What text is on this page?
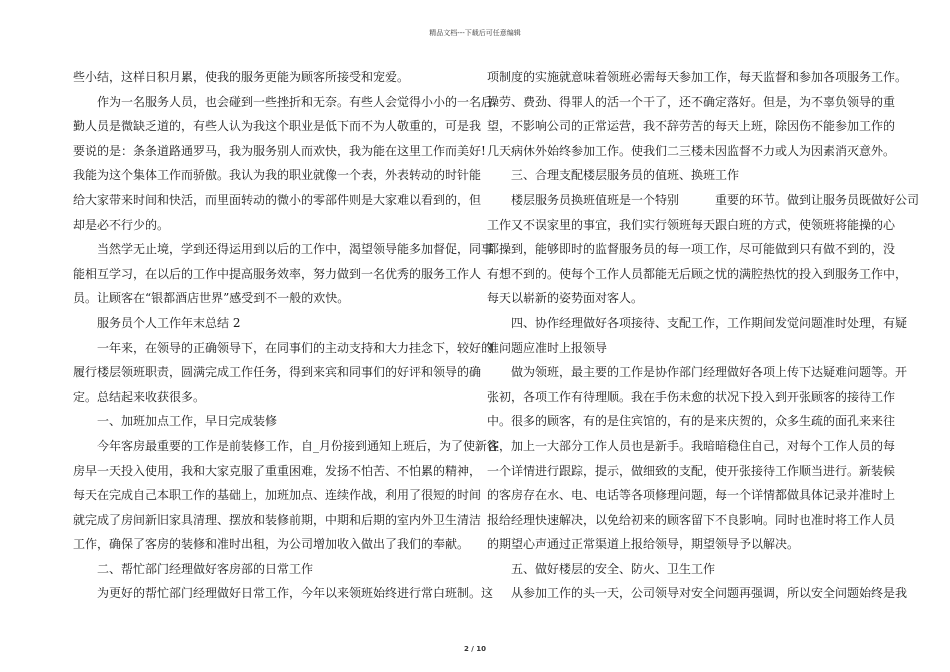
精品文档---下载后可任意编辑
些小结，这样日积月累，使我的服务更能为顾客所接受和宠爱。
　　作为一名服务人员，也会碰到一些挫折和无奈。有些人会觉得小小的一名后
勤人员是微缺乏道的，有些人认为我这个职业是低下而不为人敬重的，可是我
要说的是：条条道路通罗马，我为服务别人而欢快，我为能在这里工作而美好!
我能为这个集体工作而骄傲。我认为我的职业就像一个表，外表转动的时针能
给大家带来时间和快活，而里面转动的微小的零部件则是大家难以看到的，但
却是必不行少的。
　　当然学无止境，学到还得运用到以后的工作中，渴望领导能多加督促，同事
能相互学习，在以后的工作中提高服务效率，努力做到一名优秀的服务工作人
员。让顾客在“银都酒店世界”感受到不一般的欢快。
　　服务员个人工作年末总结 2
　　一年来，在领导的正确领导下，在同事们的主动支持和大力挂念下，较好的
履行楼层领班职责，圆满完成工作任务，得到来宾和同事们的好评和领导的确
定。总结起来收获很多。
　　一、加班加点工作，早日完成装修
　　今年客房最重要的工作是前装修工作，自_月份接到通知上班后，为了使新客
房早一天投入使用，我和大家克服了重重困难，发扬不怕苦、不怕累的精神，
每天在完成自己本职工作的基础上，加班加点、连续作战，利用了很短的时间
就完成了房间新旧家具清理、摆放和装修前期，中期和后期的室内外卫生清洁
工作，确保了客房的装修和准时出租，为公司增加收入做出了我们的奉献。
　　二、帮忙部门经理做好客房部的日常工作
　　为更好的帮忙部门经理做好日常工作，今年以来领班始终进行常白班制。这
项制度的实施就意味着领班必需每天参加工作，每天监督和参加各项服务工作。
操劳、费劲、得罪人的活一个干了，还不确定落好。但是，为不辜负领导的重
望，不影响公司的正常运营，我不辞劳苦的每天上班，除因伤不能参加工作的
几天病休外始终参加工作。使我们二三楼未因监督不力或人为因素消灭意外。
　　三、合理支配楼层服务员的值班、换班工作
　　楼层服务员换班值班是一个特别　　　重要的环节。做到让服务员既做好公司
工作又不误家里的事宜，我们实行领班每天跟白班的方式，使领班将能操的心
都操到，能够即时的监督服务员的每一项工作，尽可能做到只有做不到的，没
有想不到的。使每个工作人员都能无后顾之忧的满腔热忱的投入到服务工作中，
每天以崭新的姿势面对客人。
　　四、协作经理做好各项接待、支配工作，工作期间发觉问题准时处理，有疑
难问题应准时上报领导
　　做为领班，最主要的工作是协作部门经理做好各项上传下达疑难问题等。开
张初，各项工作有待理顺。我在手伤未愈的状况下投入到开张顾客的接待工作
中。很多的顾客，有的是住宾馆的，有的是来庆贺的，众多生疏的面孔来来往
往，加上一大部分工作人员也是新手。我暗暗稳住自己，对每个工作人员的每
一个详情进行跟踪，提示，做细致的支配，使开张接待工作顺当进行。新装候
的客房存在水、电、电话等各项修理问题，每一个详情都做具体记录并准时上
报给经理快速解决，以免给初来的顾客留下不良影响。同时也准时将工作人员
的期望心声通过正常渠道上报给领导，期望领导予以解决。
　　五、做好楼层的安全、防火、卫生工作
　　从参加工作的头一天，公司领导对安全问题再强调，所以安全问题始终是我
2 / 10
